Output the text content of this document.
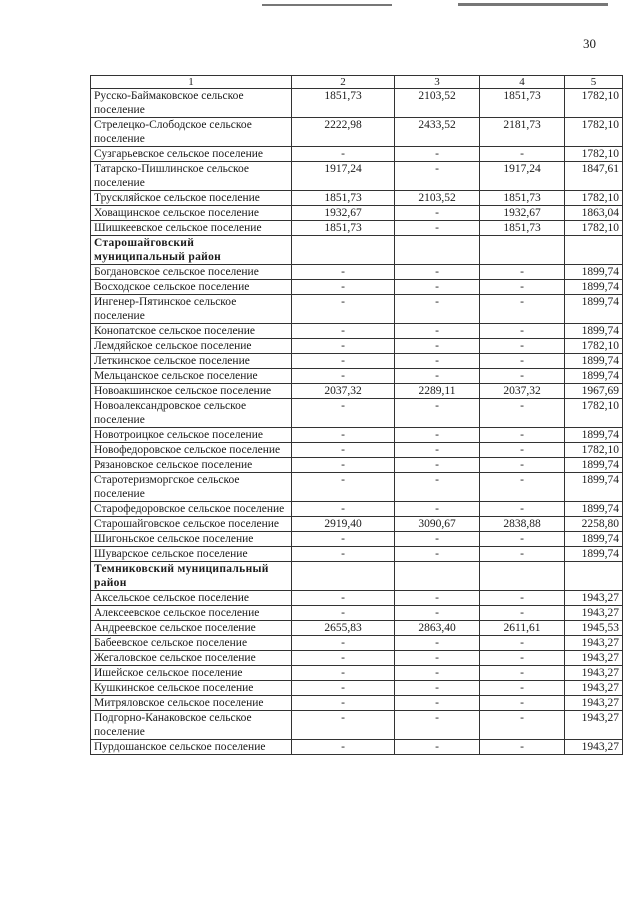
30
1	2	3	4	5
Русско-Баймаковское сельское поселение	1851,73	2103,52	1851,73	1782,10
Стрелецко-Слободское сельское поселение	2222,98	2433,52	2181,73	1782,10
Сузгарьевское сельское поселение	-	-	-	1782,10
Татарско-Пишлинское сельское поселение	1917,24	-	1917,24	1847,61
Трускляйское сельское поселение	1851,73	2103,52	1851,73	1782,10
Ховащинское сельское поселение	1932,67	-	1932,67	1863,04
Шишкеевское сельское поселение	1851,73	-	1851,73	1782,10
Старошайговский муниципальный район				
Богдановское сельское поселение	-	-	-	1899,74
Восходское сельское поселение	-	-	-	1899,74
Ингенер-Пятинское сельское поселение	-	-	-	1899,74
Конопатское сельское поселение	-	-	-	1899,74
Лемдяйское сельское поселение	-	-	-	1782,10
Леткинское сельское поселение	-	-	-	1899,74
Мельцанское сельское поселение	-	-	-	1899,74
Новоакшинское сельское поселение	2037,32	2289,11	2037,32	1967,69
Новоалександровское сельское поселение	-	-	-	1782,10
Новотроицкое сельское поселение	-	-	-	1899,74
Новофедоровское сельское поселение	-	-	-	1782,10
Рязановское сельское поселение	-	-	-	1899,74
Старотеризморгское сельское поселение	-	-	-	1899,74
Старофедоровское сельское поселение	-	-	-	1899,74
Старошайговское сельское поселение	2919,40	3090,67	2838,88	2258,80
Шигоньское сельское поселение	-	-	-	1899,74
Шуварское сельское поселение	-	-	-	1899,74
Темниковский муниципальный район				
Аксельское сельское поселение	-	-	-	1943,27
Алексеевское сельское поселение	-	-	-	1943,27
Андреевское сельское поселение	2655,83	2863,40	2611,61	1945,53
Бабеевское сельское поселение	-	-	-	1943,27
Жегаловское сельское поселение	-	-	-	1943,27
Ишейское сельское поселение	-	-	-	1943,27
Кушкинское сельское поселение	-	-	-	1943,27
Митряловское сельское поселение	-	-	-	1943,27
Подгорно-Канаковское сельское поселение	-	-	-	1943,27
Пурдошанское сельское поселение	-	-	-	1943,27
